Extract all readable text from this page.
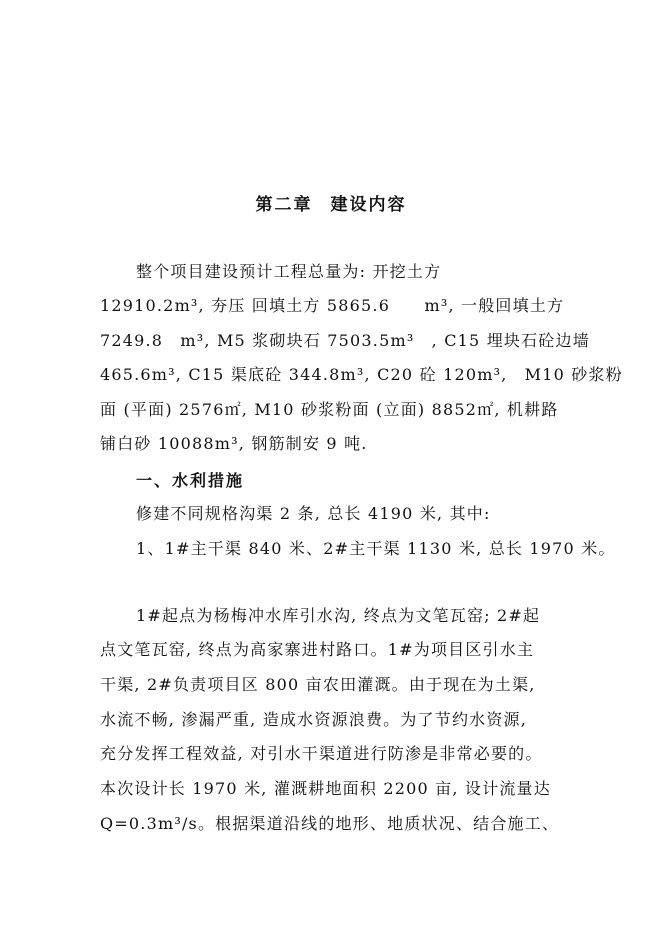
第二章 建设内容
整个项目建设预计工程总量为: 开挖土方
12910.2m³, 夯压 回填土方 5865.6　　m³, 一般回填土方
7249.8　m³, M5 浆砌块石 7503.5m³　, C15 埋块石砼边墙
465.6m³, C15 渠底砼 344.8m³, C20 砼 120m³,　M10 砂浆粉
面 (平面) 2576㎡, M10 砂浆粉面 (立面) 8852㎡, 机耕路
铺白砂 10088m³, 钢筋制安 9 吨.
一、水利措施
修建不同规格沟渠 2 条, 总长 4190 米, 其中:
1、1#主干渠 840 米、2#主干渠 1130 米, 总长 1970 米。
1#起点为杨梅冲水库引水沟, 终点为文笔瓦窑; 2#起
点文笔瓦窑, 终点为高家寨进村路口。1#为项目区引水主
干渠, 2#负责项目区 800 亩农田灌溉。由于现在为土渠,
水流不畅, 渗漏严重, 造成水资源浪费。为了节约水资源,
充分发挥工程效益, 对引水干渠道进行防渗是非常必要的。
本次设计长 1970 米, 灌溉耕地面积 2200 亩, 设计流量达
Q=0.3m³/s。根据渠道沿线的地形、地质状况、结合施工、
